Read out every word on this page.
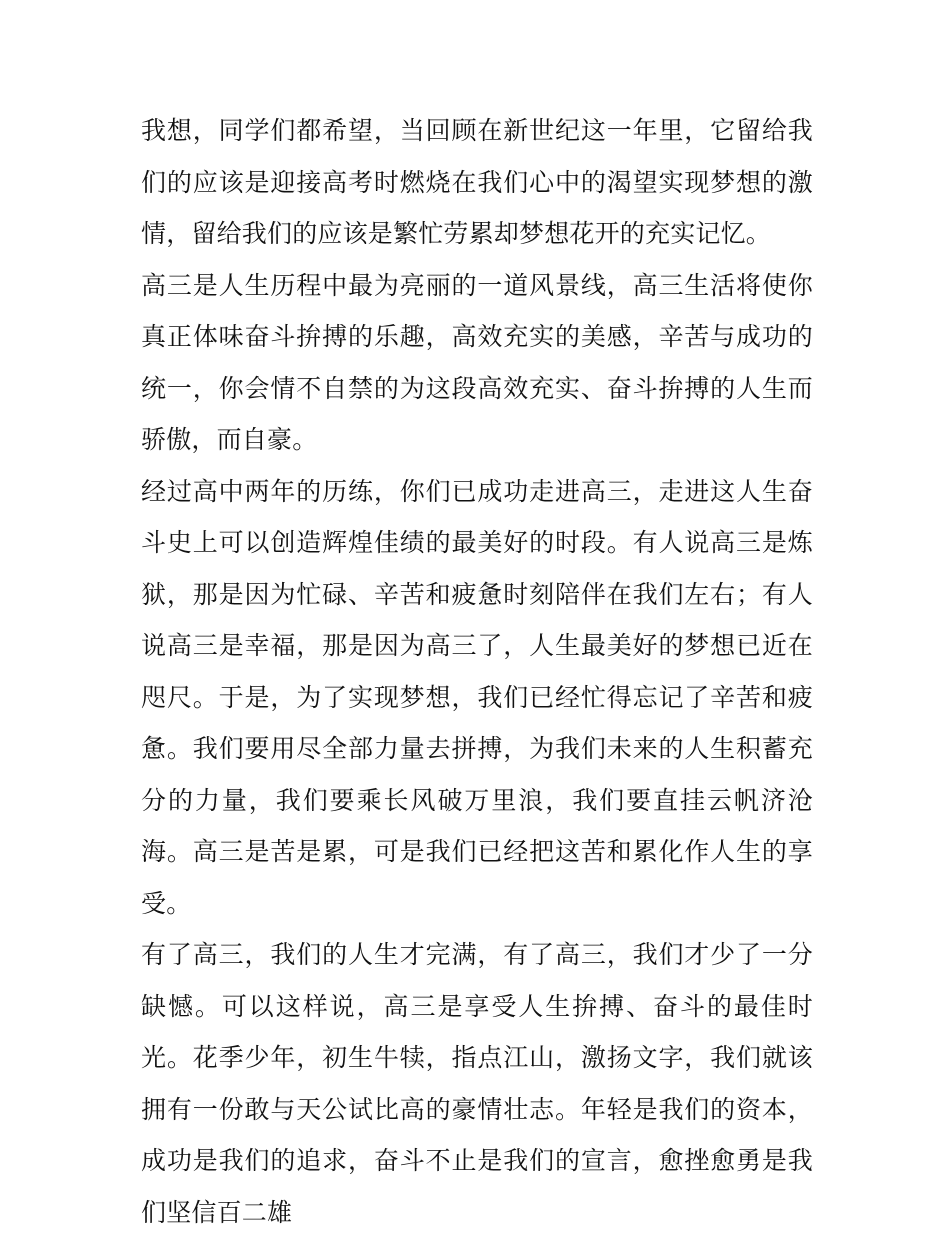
我想，同学们都希望，当回顾在新世纪这一年里，它留给我们的应该是迎接高考时燃烧在我们心中的渴望实现梦想的激情，留给我们的应该是繁忙劳累却梦想花开的充实记忆。

高三是人生历程中最为亮丽的一道风景线，高三生活将使你真正体味奋斗拚搏的乐趣，高效充实的美感，辛苦与成功的统一，你会情不自禁的为这段高效充实、奋斗拚搏的人生而骄傲，而自豪。

经过高中两年的历练，你们已成功走进高三，走进这人生奋斗史上可以创造辉煌佳绩的最美好的时段。有人说高三是炼狱，那是因为忙碌、辛苦和疲惫时刻陪伴在我们左右；有人说高三是幸福，那是因为高三了，人生最美好的梦想已近在咫尺。于是，为了实现梦想，我们已经忙得忘记了辛苦和疲惫。我们要用尽全部力量去拼搏，为我们未来的人生积蓄充分的力量，我们要乘长风破万里浪，我们要直挂云帆济沧海。高三是苦是累，可是我们已经把这苦和累化作人生的享受。

有了高三，我们的人生才完满，有了高三，我们才少了一分缺憾。可以这样说，高三是享受人生拚搏、奋斗的最佳时光。花季少年，初生牛犊，指点江山，激扬文字，我们就该拥有一份敢与天公试比高的豪情壮志。年轻是我们的资本，成功是我们的追求，奋斗不止是我们的宣言，愈挫愈勇是我们坚信百二雄
